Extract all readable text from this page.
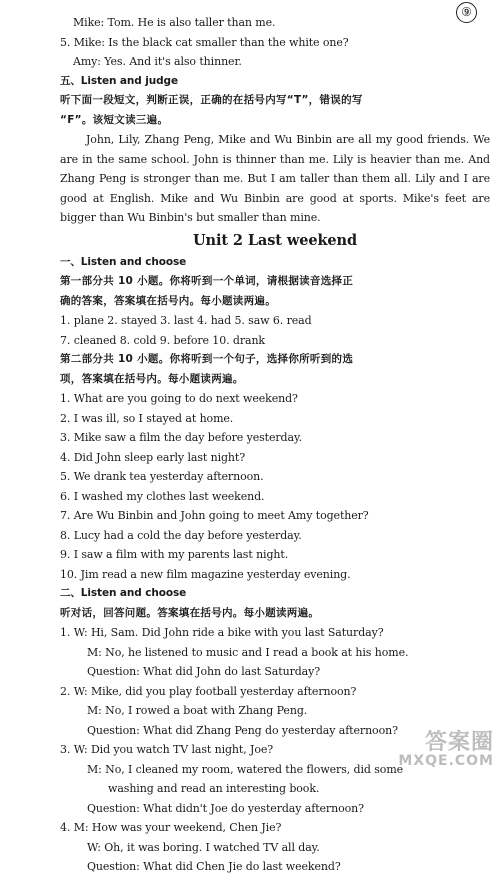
⑨
Mike: Tom. He is also taller than me.
5. Mike: Is the black cat smaller than the white one?
Amy: Yes. And it's also thinner.
五、Listen and judge
听下面一段短文，判断正误，正确的在括号内写“T”，错误的写
“F”。该短文读三遍。
John, Lily, Zhang Peng, Mike and Wu Binbin are all my good friends. We are in the same school. John is thinner than me. Lily is heavier than me. And Zhang Peng is stronger than me. But I am taller than them all. Lily and I are good at English. Mike and Wu Binbin are good at sports. Mike's feet are bigger than Wu Binbin's but smaller than mine.
Unit 2 Last weekend
一、Listen and choose
第一部分共 10 小题。你将听到一个单词，请根据读音选择正
确的答案，答案填在括号内。每小题读两遍。
1. plane 2. stayed 3. last 4. had 5. saw 6. read
7. cleaned 8. cold 9. before 10. drank
第二部分共 10 小题。你将听到一个句子，选择你所听到的选
项，答案填在括号内。每小题读两遍。
1. What are you going to do next weekend?
2. I was ill, so I stayed at home.
3. Mike saw a film the day before yesterday.
4. Did John sleep early last night?
5. We drank tea yesterday afternoon.
6. I washed my clothes last weekend.
7. Are Wu Binbin and John going to meet Amy together?
8. Lucy had a cold the day before yesterday.
9. I saw a film with my parents last night.
10. Jim read a new film magazine yesterday evening.
二、Listen and choose
听对话，回答问题。答案填在括号内。每小题读两遍。
1. W: Hi, Sam. Did John ride a bike with you last Saturday?
M: No, he listened to music and I read a book at his home.
Question: What did John do last Saturday?
2. W: Mike, did you play football yesterday afternoon?
M: No, I rowed a boat with Zhang Peng.
Question: What did Zhang Peng do yesterday afternoon?
3. W: Did you watch TV last night, Joe?
M: No, I cleaned my room, watered the flowers, did some
washing and read an interesting book.
Question: What didn't Joe do yesterday afternoon?
4. M: How was your weekend, Chen Jie?
W: Oh, it was boring. I watched TV all day.
Question: What did Chen Jie do last weekend?
答案圈
MXQE.COM
